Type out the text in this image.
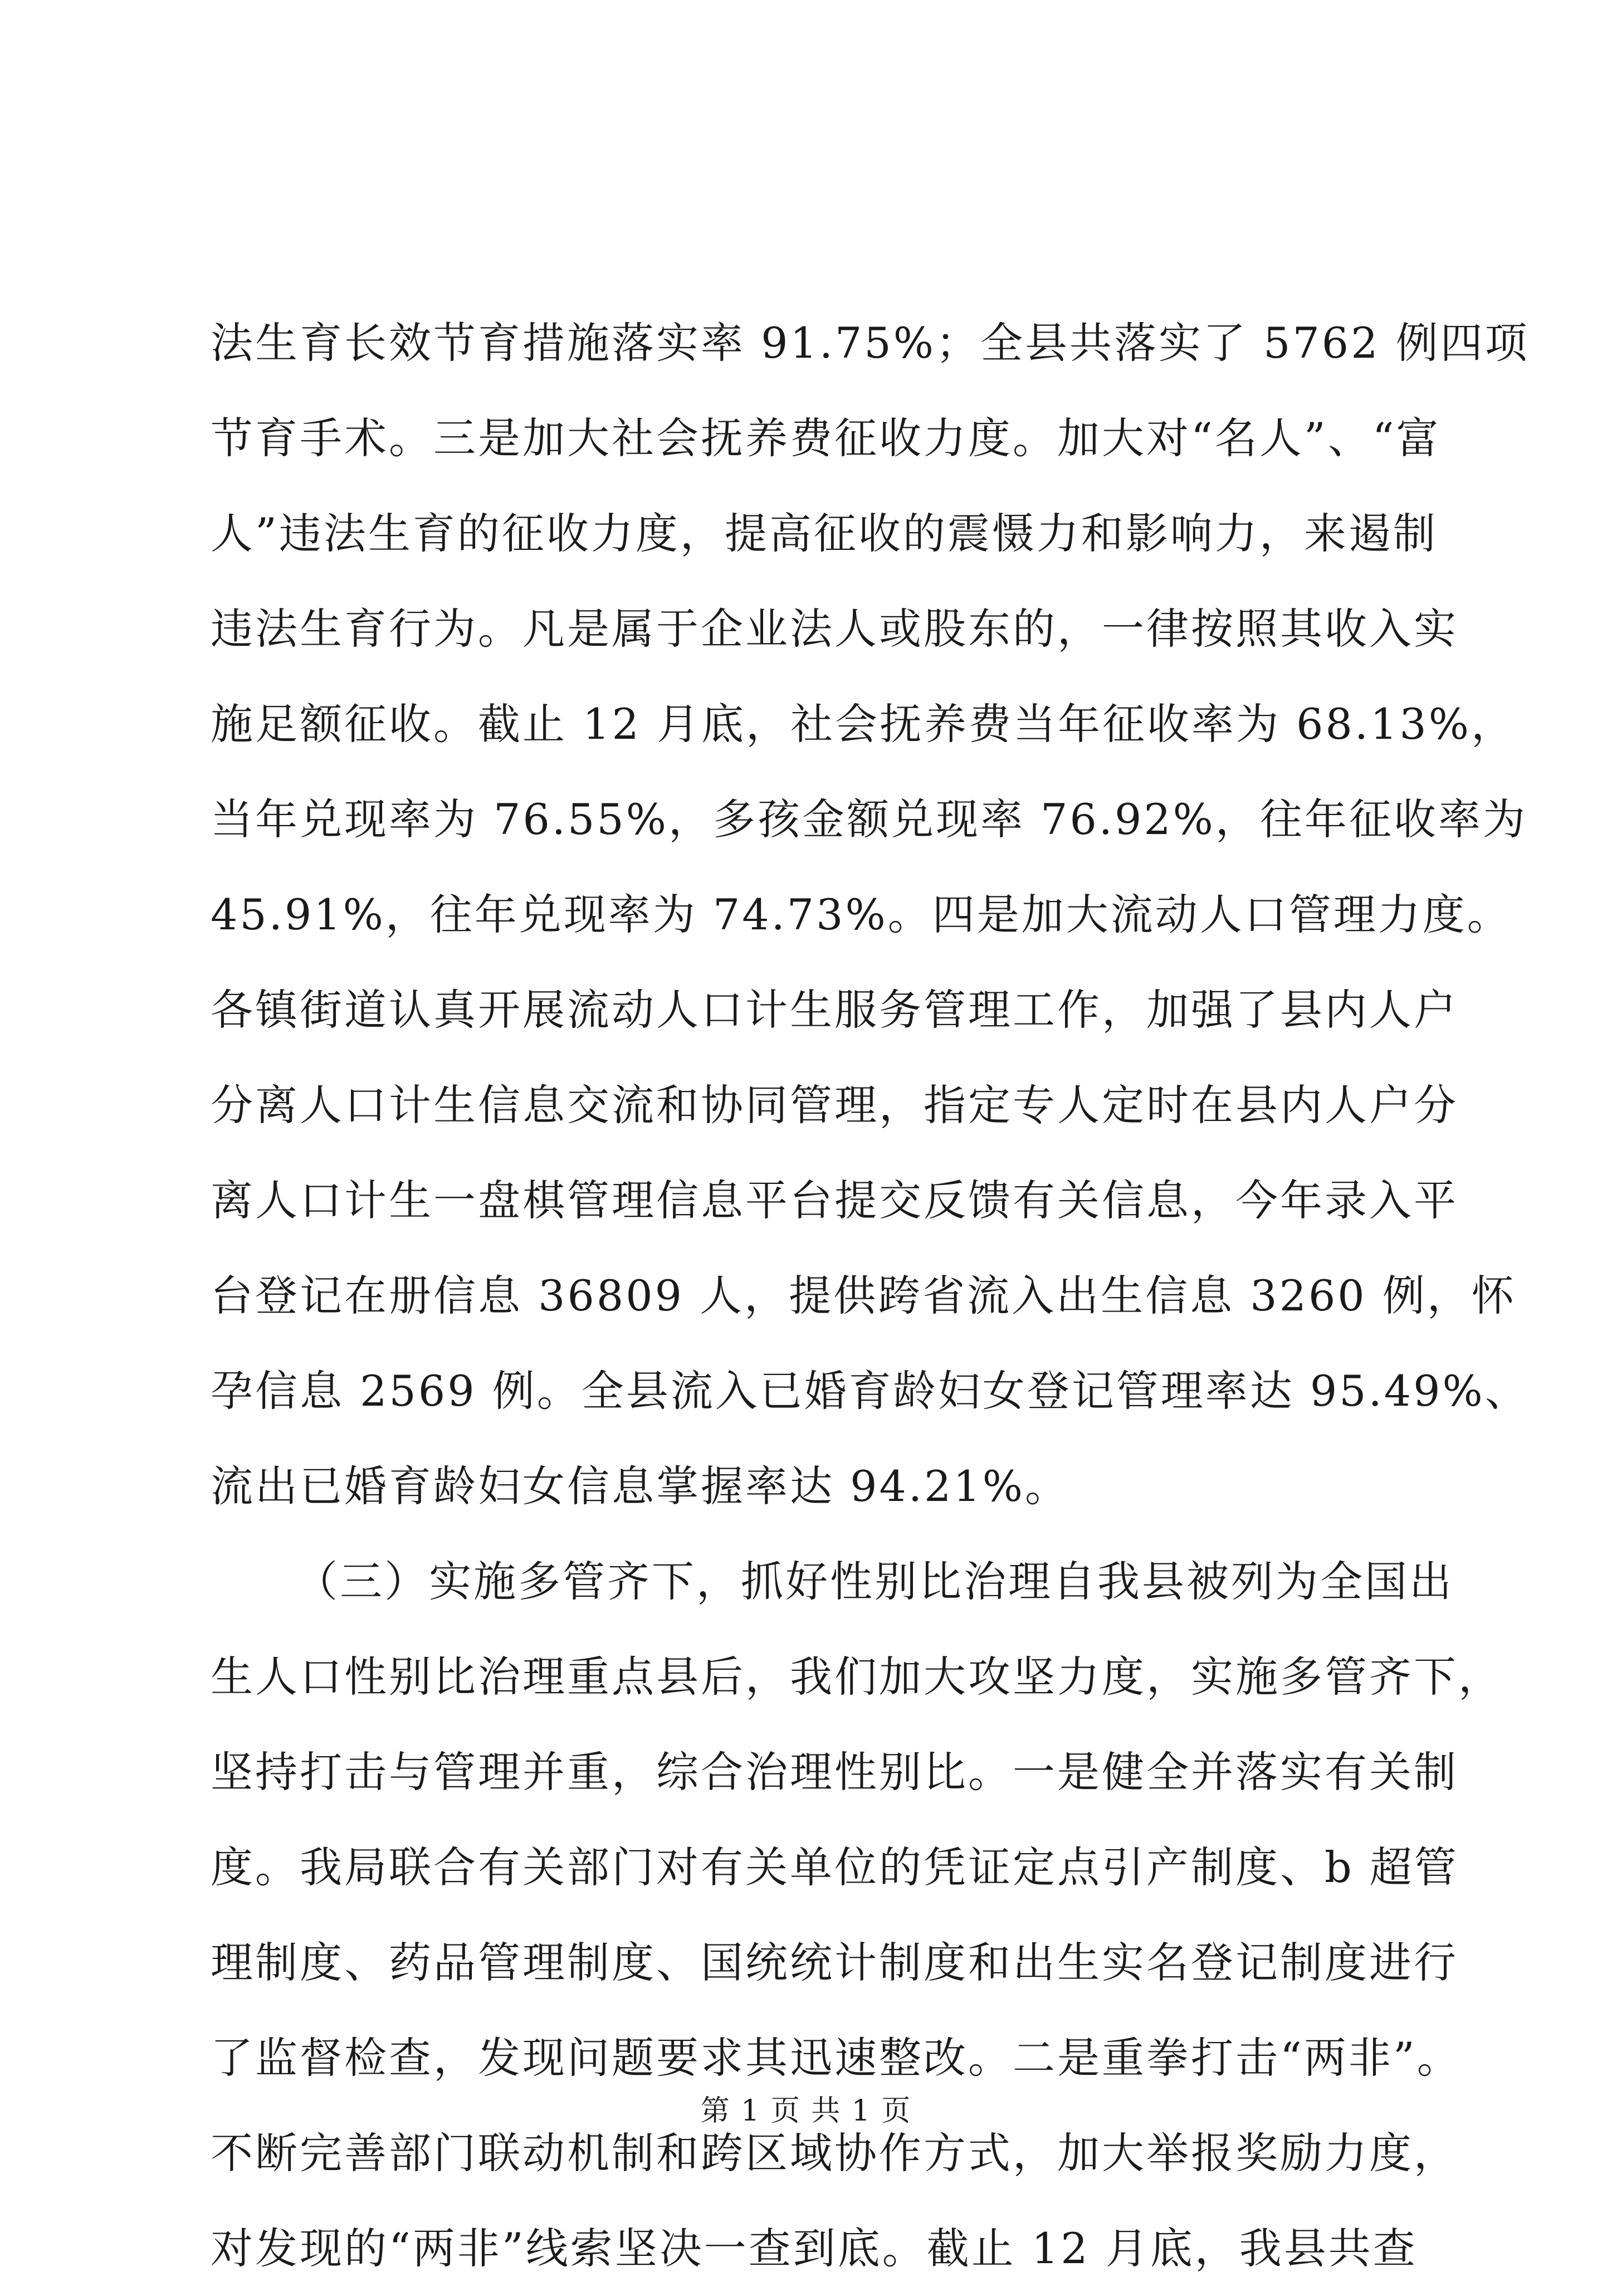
法生育长效节育措施落实率 91.75%；全县共落实了 5762 例四项
节育手术。三是加大社会抚养费征收力度。加大对“名人”、“富
人”违法生育的征收力度，提高征收的震慑力和影响力，来遏制
违法生育行为。凡是属于企业法人或股东的，一律按照其收入实
施足额征收。截止 12 月底，社会抚养费当年征收率为 68.13%，
当年兑现率为 76.55%，多孩金额兑现率 76.92%，往年征收率为
45.91%，往年兑现率为 74.73%。四是加大流动人口管理力度。
各镇街道认真开展流动人口计生服务管理工作，加强了县内人户
分离人口计生信息交流和协同管理，指定专人定时在县内人户分
离人口计生一盘棋管理信息平台提交反馈有关信息，今年录入平
台登记在册信息 36809 人，提供跨省流入出生信息 3260 例，怀
孕信息 2569 例。全县流入已婚育龄妇女登记管理率达 95.49%、
流出已婚育龄妇女信息掌握率达 94.21%。
（三）实施多管齐下，抓好性别比治理自我县被列为全国出
生人口性别比治理重点县后，我们加大攻坚力度，实施多管齐下，
坚持打击与管理并重，综合治理性别比。一是健全并落实有关制
度。我局联合有关部门对有关单位的凭证定点引产制度、b 超管
理制度、药品管理制度、国统统计制度和出生实名登记制度进行
了监督检查，发现问题要求其迅速整改。二是重拳打击“两非”。
不断完善部门联动机制和跨区域协作方式，加大举报奖励力度，
对发现的“两非”线索坚决一查到底。截止 12 月底，我县共查
第 1 页 共 1 页
